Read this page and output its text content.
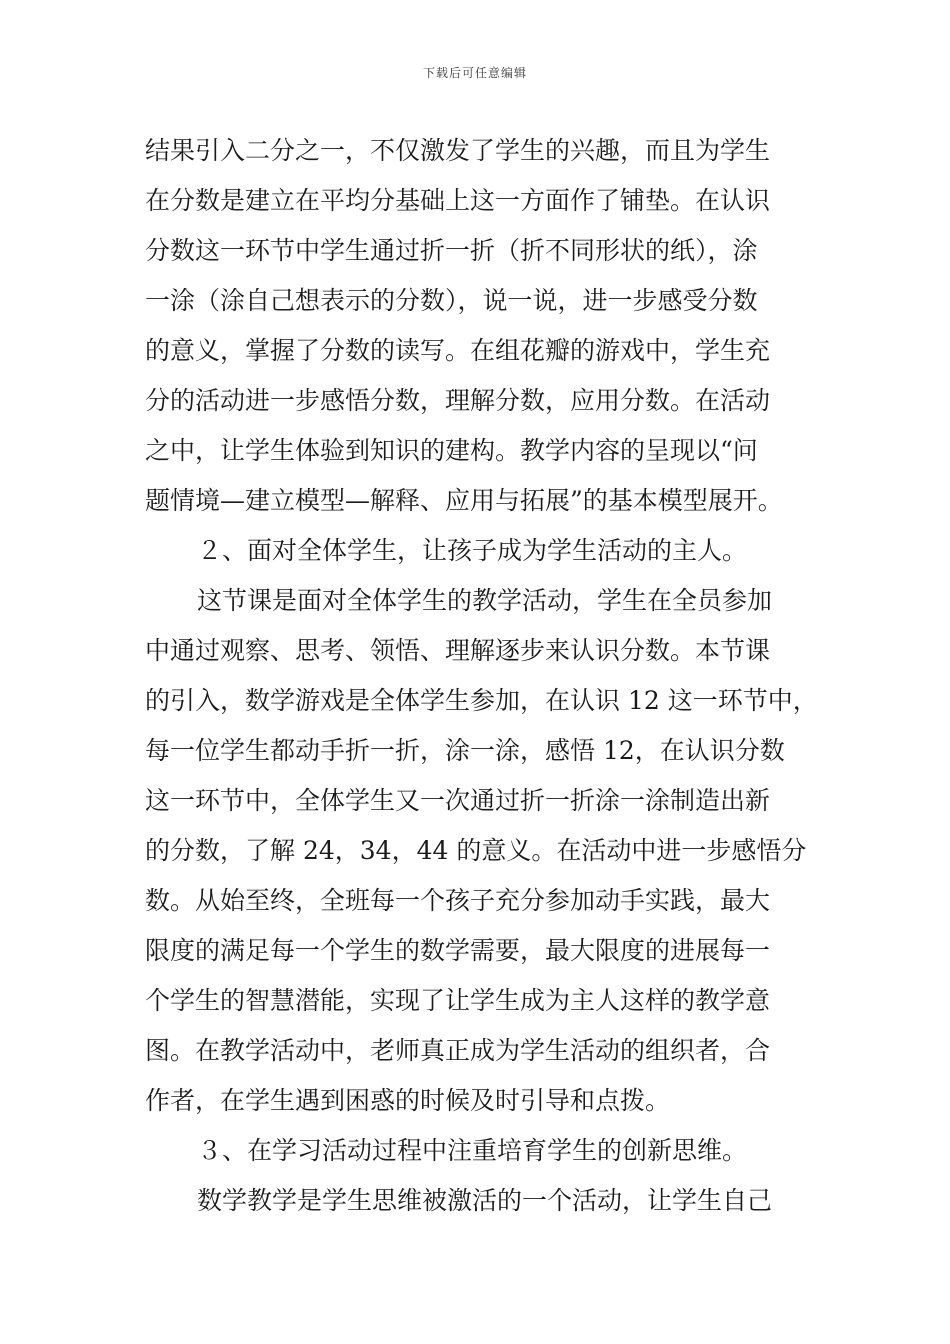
下载后可任意编辑
结果引入二分之一，不仅激发了学生的兴趣，而且为学生
在分数是建立在平均分基础上这一方面作了铺垫。在认识
分数这一环节中学生通过折一折（折不同形状的纸），涂
一涂（涂自己想表示的分数），说一说，进一步感受分数
的意义，掌握了分数的读写。在组花瓣的游戏中，学生充
分的活动进一步感悟分数，理解分数，应用分数。在活动
之中，让学生体验到知识的建构。教学内容的呈现以“问
题情境—建立模型—解释、应用与拓展”的基本模型展开。
２、面对全体学生，让孩子成为学生活动的主人。
这节课是面对全体学生的教学活动，学生在全员参加
中通过观察、思考、领悟、理解逐步来认识分数。本节课
的引入，数学游戏是全体学生参加，在认识 12 这一环节中，
每一位学生都动手折一折，涂一涂，感悟 12，在认识分数
这一环节中，全体学生又一次通过折一折涂一涂制造出新
的分数，了解 24，34，44 的意义。在活动中进一步感悟分
数。从始至终，全班每一个孩子充分参加动手实践，最大
限度的满足每一个学生的数学需要，最大限度的进展每一
个学生的智慧潜能，实现了让学生成为主人这样的教学意
图。在教学活动中，老师真正成为学生活动的组织者，合
作者，在学生遇到困惑的时候及时引导和点拨。
３、在学习活动过程中注重培育学生的创新思维。
数学教学是学生思维被激活的一个活动，让学生自己
